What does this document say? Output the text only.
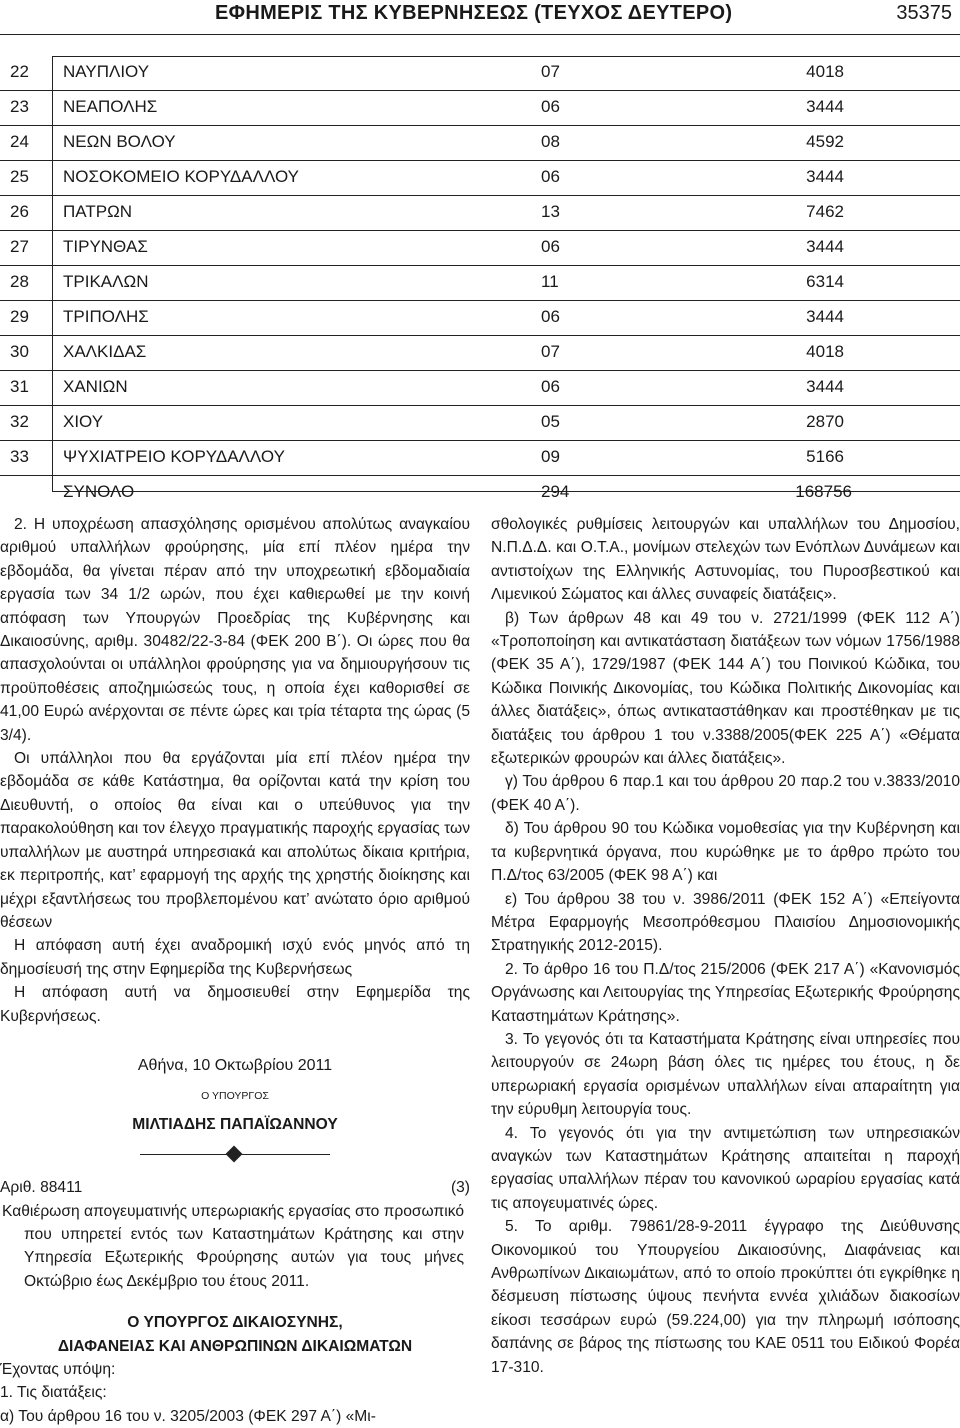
ΕΦΗΜΕΡΙΣ ΤΗΣ ΚΥΒΕΡΝΗΣΕΩΣ (ΤΕΥΧΟΣ ΔΕΥΤΕΡΟ)	35375
22 ΝΑΥΠΛΙΟΥ	07	4018
23 ΝΕΑΠΟΛΗΣ	06	3444
24 ΝΕΩΝ ΒΟΛΟΥ	08	4592
25 ΝΟΣΟΚΟΜΕΙΟ ΚΟΡΥΔΑΛΛΟΥ	06	3444
26 ΠΑΤΡΩΝ	13	7462
27 ΤΙΡΥΝΘΑΣ	06	3444
28 ΤΡΙΚΑΛΩΝ	11	6314
29 ΤΡΙΠΟΛΗΣ	06	3444
30 ΧΑΛΚΙΔΑΣ	07	4018
31 ΧΑΝΙΩΝ	06	3444
32 ΧΙΟΥ	05	2870
33 ΨΥΧΙΑΤΡΕΙΟ ΚΟΡΥΔΑΛΛΟΥ	09	5166
ΣΥΝΟΛΟ	294	168756

2. Η υποχρέωση απασχόλησης ορισμένου απολύτως αναγκαίου αριθμού υπαλλήλων φρούρησης, μία επί πλέον ημέρα την εβδομάδα, θα γίνεται πέραν από την υποχρεωτική εβδομαδιαία εργασία των 34 1/2 ωρών, που έχει καθιερωθεί με την κοινή απόφαση των Υπουργών Προεδρίας της Κυβέρνησης και Δικαιοσύνης, αριθμ. 30482/22-3-84 (ΦΕΚ 200 Β΄). Οι ώρες που θα απασχολούνται οι υπάλληλοι φρούρησης για να δημιουργήσουν τις προϋποθέσεις αποζημιώσεώς τους, η οποία έχει καθορισθεί σε 41,00 Ευρώ ανέρχονται σε πέντε ώρες και τρία τέταρτα της ώρας (5 3/4).

Οι υπάλληλοι που θα εργάζονται μία επί πλέον ημέρα την εβδομάδα σε κάθε Κατάστημα, θα ορίζονται κατά την κρίση του Διευθυντή, ο οποίος θα είναι και ο υπεύθυνος για την παρακολούθηση και τον έλεγχο πραγματικής παροχής εργασίας των υπαλλήλων με αυστηρά υπηρεσιακά και απολύτως δίκαια κριτήρια, εκ περιτροπής, κατ’ εφαρμογή της αρχής της χρηστής διοίκησης και μέχρι εξαντλήσεως του προβλεπομένου κατ’ ανώτατο όριο αριθμού θέσεων

Η απόφαση αυτή έχει αναδρομική ισχύ ενός μηνός από τη δημοσίευσή της στην Εφημερίδα της Κυβερνήσεως

Η απόφαση αυτή να δημοσιευθεί στην Εφημερίδα της Κυβερνήσεως.

Αθήνα, 10 Οκτωβρίου 2011

Ο ΥΠΟΥΡΓΟΣ

ΜΙΛΤΙΑΔΗΣ ΠΑΠΑΪΩΑΝΝΟΥ

Αριθ. 88411	(3)

Καθιέρωση απογευματινής υπερωριακής εργασίας στο προσωπικό που υπηρετεί εντός των Καταστημάτων Κράτησης και στην Υπηρεσία Εξωτερικής Φρούρησης αυτών για τους μήνες Οκτώβριο έως Δεκέμβριο του έτους 2011.

Ο ΥΠΟΥΡΓΟΣ ΔΙΚΑΙΟΣΥΝΗΣ,

ΔΙΑΦΑΝΕΙΑΣ ΚΑΙ ΑΝΘΡΩΠΙΝΩΝ ΔΙΚΑΙΩΜΑΤΩΝ

Έχοντας υπόψη:

1. Τις διατάξεις:

α) Του άρθρου 16 του ν. 3205/2003 (ΦΕΚ 297 Α΄) «Μι-

σθολογικές ρυθμίσεις λειτουργών και υπαλλήλων του Δημοσίου, Ν.Π.Δ.Δ. και Ο.Τ.Α., μονίμων στελεχών των Ενόπλων Δυνάμεων και αντιστοίχων της Ελληνικής Αστυνομίας, του Πυροσβεστικού και Λιμενικού Σώματος και άλλες συναφείς διατάξεις».

β) Των άρθρων 48 και 49 του ν. 2721/1999 (ΦΕΚ 112 Α΄) «Τροποποίηση και αντικατάσταση διατάξεων των νόμων 1756/1988 (ΦΕΚ 35 Α΄), 1729/1987 (ΦΕΚ 144 Α΄) του Ποινικού Κώδικα, του Κώδικα Ποινικής Δικονομίας, του Κώδικα Πολιτικής Δικονομίας και άλλες διατάξεις», όπως αντικαταστάθηκαν και προστέθηκαν με τις διατάξεις του άρθρου 1 του ν.3388/2005(ΦΕΚ 225 Α΄) «Θέματα εξωτερικών φρουρών και άλλες διατάξεις».

γ) Του άρθρου 6 παρ.1 και του άρθρου 20 παρ.2 του ν.3833/2010 (ΦΕΚ 40 Α΄).

δ) Του άρθρου 90 του Κώδικα νομοθεσίας για την Κυβέρνηση και τα κυβερνητικά όργανα, που κυρώθηκε με το άρθρο πρώτο του Π.Δ/τος 63/2005 (ΦΕΚ 98 Α΄) και

ε) Του άρθρου 38 του ν. 3986/2011 (ΦΕΚ 152 Α΄) «Επείγοντα Μέτρα Εφαρμογής Μεσοπρόθεσμου Πλαισίου Δημοσιονομικής Στρατηγικής 2012-2015).

2. Το άρθρο 16 του Π.Δ/τος 215/2006 (ΦΕΚ 217 Α΄) «Κανονισμός Οργάνωσης και Λειτουργίας της Υπηρεσίας Εξωτερικής Φρούρησης Καταστημάτων Κράτησης».

3. Το γεγονός ότι τα Καταστήματα Κράτησης είναι υπηρεσίες που λειτουργούν σε 24ωρη βάση όλες τις ημέρες του έτους, η δε υπερωριακή εργασία ορισμένων υπαλλήλων είναι απαραίτητη για την εύρυθμη λειτουργία τους.

4. Το γεγονός ότι για την αντιμετώπιση των υπηρεσιακών αναγκών των Καταστημάτων Κράτησης απαιτείται η παροχή εργασίας υπαλλήλων πέραν του κανονικού ωραρίου εργασίας κατά τις απογευματινές ώρες.

5. Το αριθμ. 79861/28-9-2011 έγγραφο της Διεύθυνσης Οικονομικού του Υπουργείου Δικαιοσύνης, Διαφάνειας και Ανθρωπίνων Δικαιωμάτων, από το οποίο προκύπτει ότι εγκρίθηκε η δέσμευση πίστωσης ύψους πενήντα εννέα χιλιάδων διακοσίων είκοσι τεσσάρων ευρώ (59.224,00) για την πληρωμή ισόποσης δαπάνης σε βάρος της πίστωσης του ΚΑΕ 0511 του Ειδικού Φορέα 17-310.
